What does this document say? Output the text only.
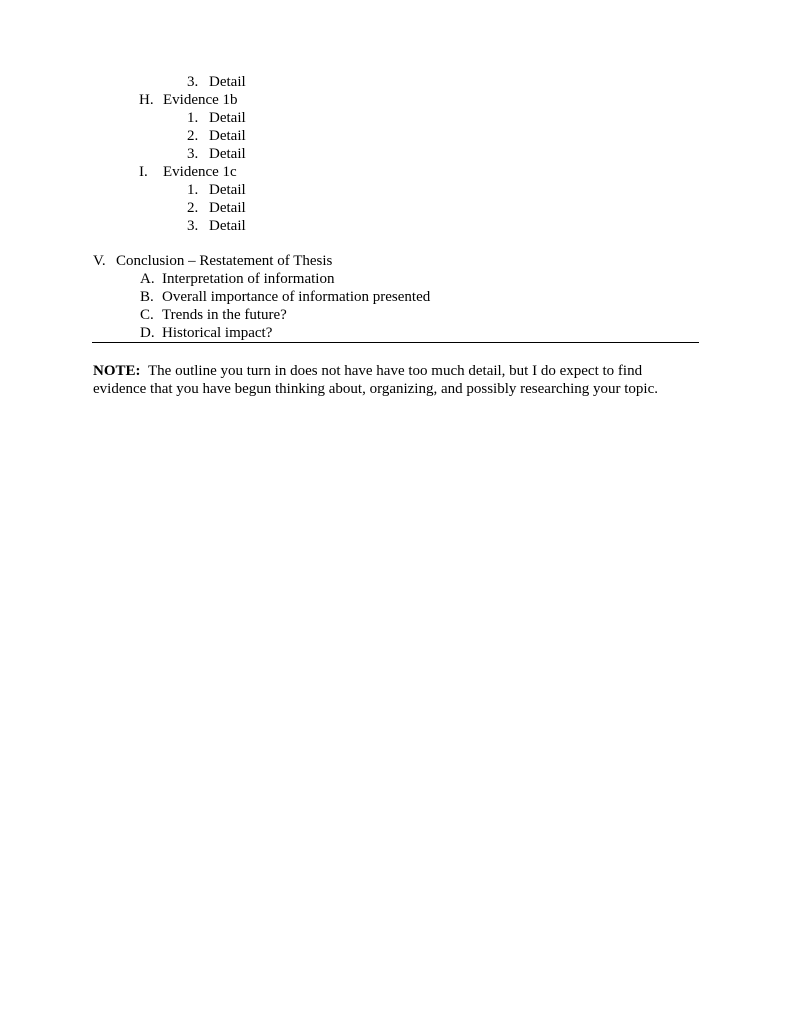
3. Detail
H. Evidence 1b
1. Detail
2. Detail
3. Detail
I. Evidence 1c
1. Detail
2. Detail
3. Detail
V. Conclusion – Restatement of Thesis
A. Interpretation of information
B. Overall importance of information presented
C. Trends in the future?
D. Historical impact?
NOTE: The outline you turn in does not have have too much detail, but I do expect to find
evidence that you have begun thinking about, organizing, and possibly researching your topic.
